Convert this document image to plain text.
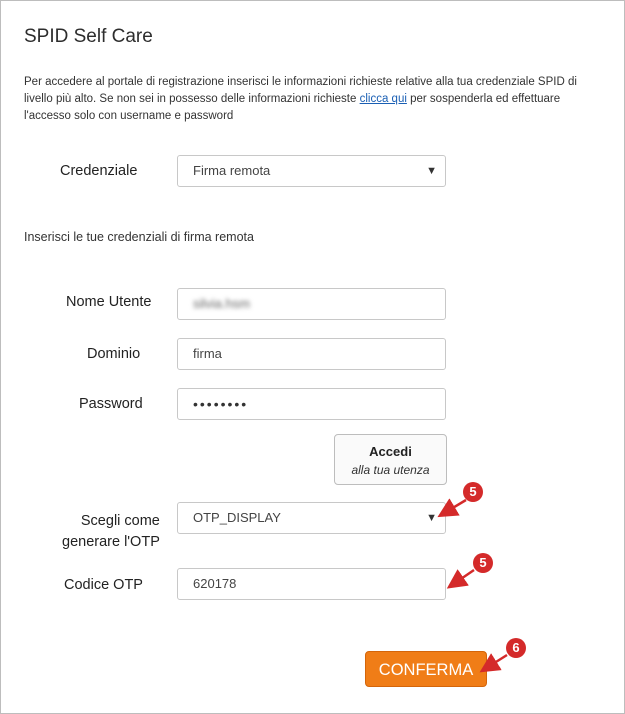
SPID Self Care
Per accedere al portale di registrazione inserisci le informazioni richieste relative alla tua credenziale SPID di livello più alto. Se non sei in possesso delle informazioni richieste clicca qui per sospenderla ed effettuare l'accesso solo con username e password
Credenziale	Firma remota	▼
Inserisci le tue credenziali di firma remota
Nome Utente	silvia.hsm
Dominio	firma
Password	••••••••
Accedi
alla tua utenza
Scegli come
generare l'OTP
OTP_DISPLAY	▼
Codice OTP	620178
CONFERMA
5
5
6
